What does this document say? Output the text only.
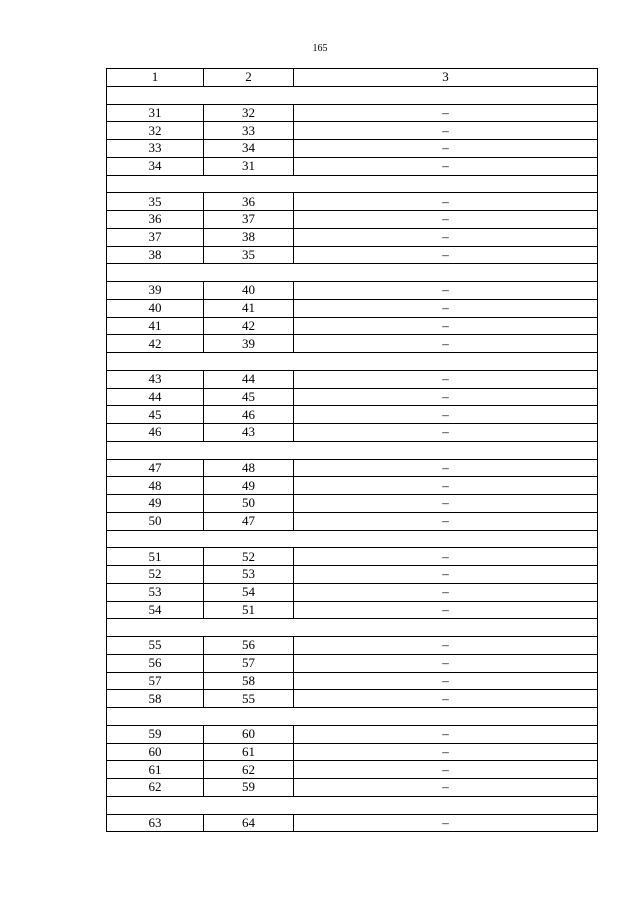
165
1	2	3

31	32	–
32	33	–
33	34	–
34	31	–

35	36	–
36	37	–
37	38	–
38	35	–

39	40	–
40	41	–
41	42	–
42	39	–

43	44	–
44	45	–
45	46	–
46	43	–

47	48	–
48	49	–
49	50	–
50	47	–

51	52	–
52	53	–
53	54	–
54	51	–

55	56	–
56	57	–
57	58	–
58	55	–

59	60	–
60	61	–
61	62	–
62	59	–

63	64	–
